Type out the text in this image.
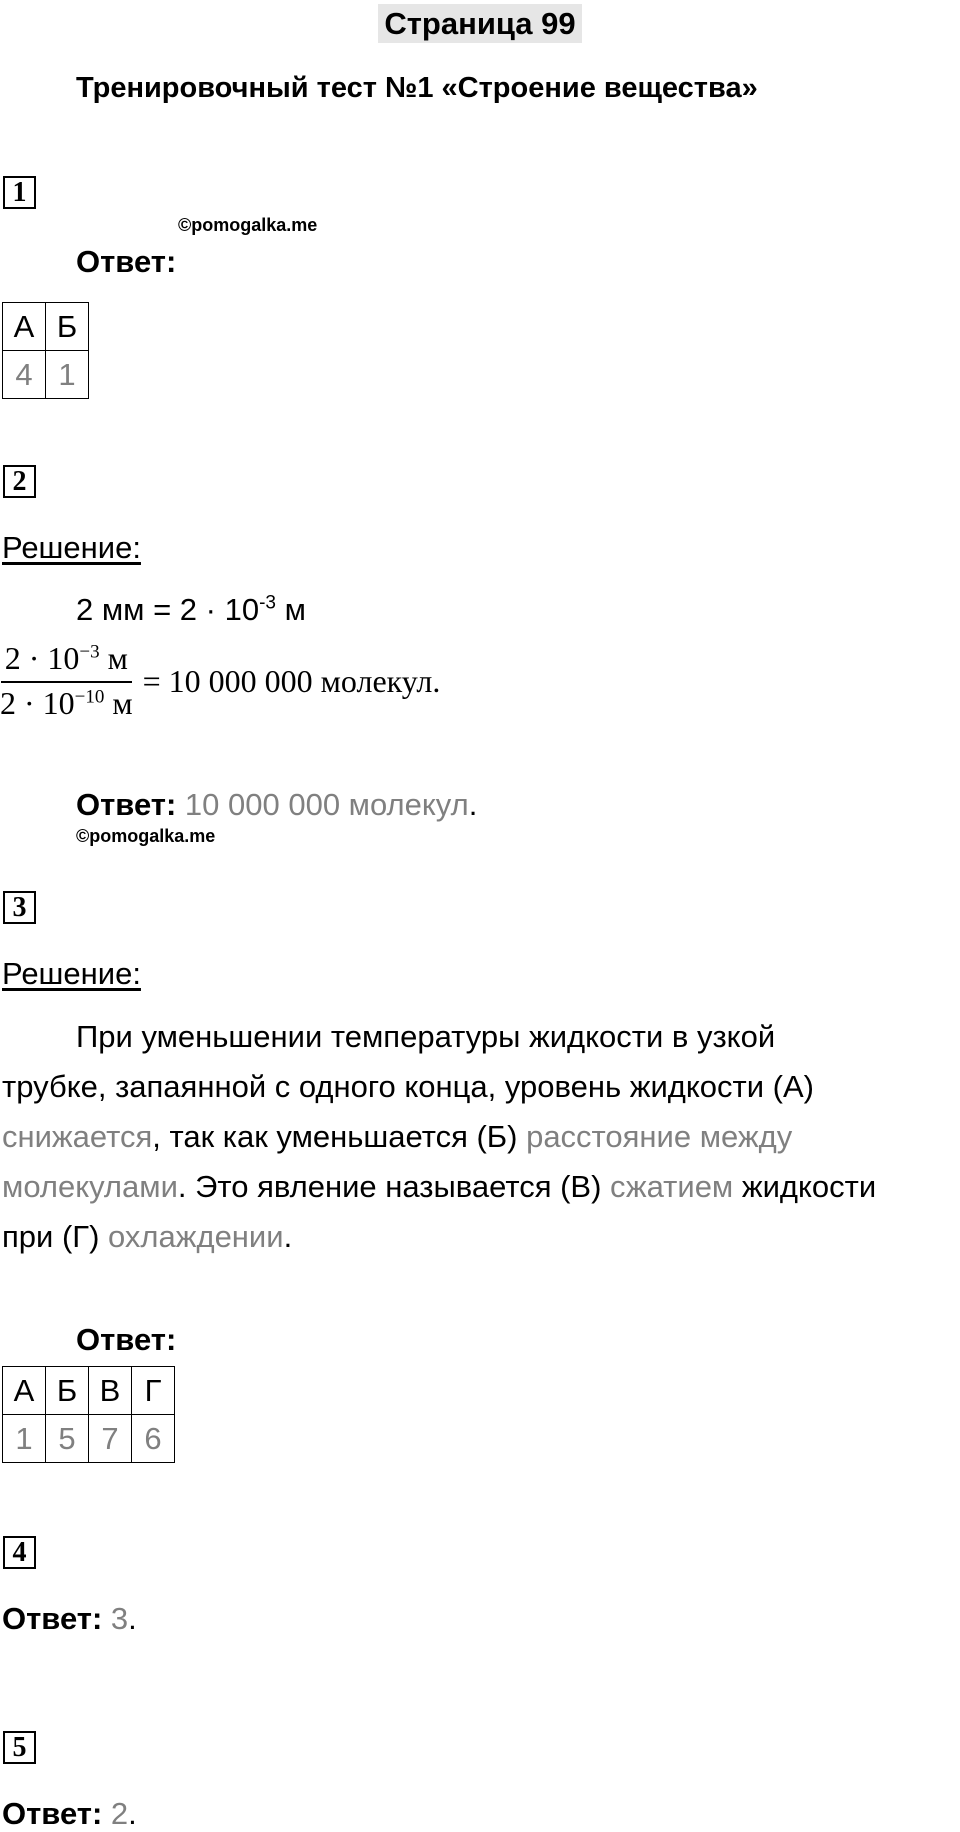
Страница 99
Тренировочный тест №1 «Строение вещества»
1
©pomogalka.me
Ответ:
А	Б
4	1
2
Решение:
2 мм = $2 \cdot 10^{-3}$ м
$\frac{2 \cdot 10^{-3} м}{2 \cdot 10^{-10} м} = 10$ 000 000 молекул.
Ответ: 10 000 000 молекул.
©pomogalka.me
3
Решение:
При уменьшении температуры жидкости в узкой
трубке, запаянной с одного конца, уровень жидкости (А)
снижается, так как уменьшается (Б) расстояние между
молекулами. Это явление называется (В) сжатием жидкости
при (Г) охлаждении.
Ответ:
А	Б	В	Г
1	5	7	6
4
Ответ: 3.
5
Ответ: 2.
